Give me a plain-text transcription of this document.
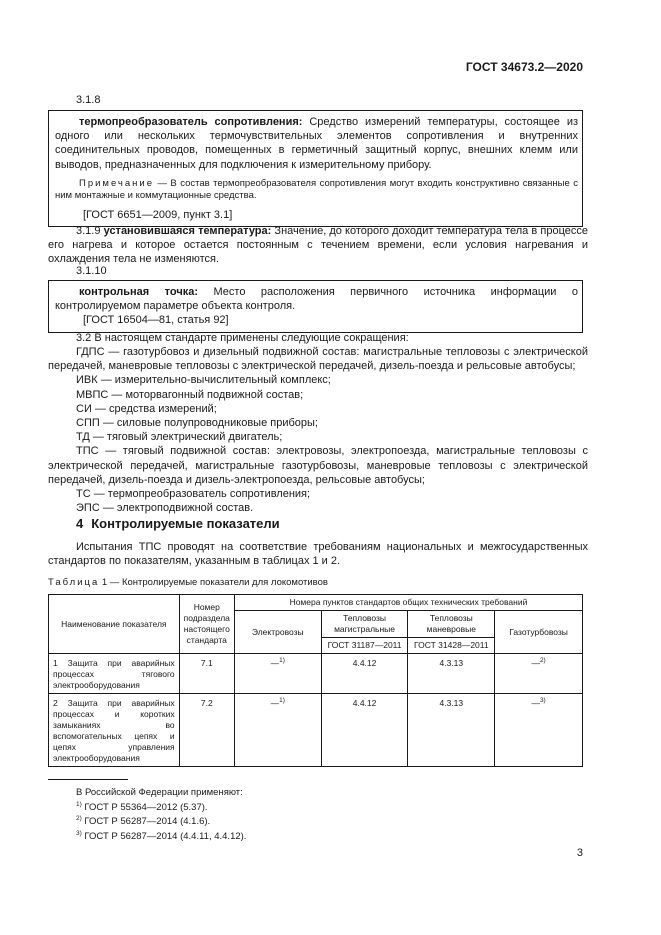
ГОСТ 34673.2—2020
3.1.8

термопреобразователь сопротивления: Средство измерений температуры, состоящее из одного или нескольких термочувствительных элементов сопротивления и внутренних соединительных проводов, помещенных в герметичный защитный корпус, внешних клемм или выводов, предназначенных для подключения к измерительному прибору.

Примечание — В состав термопреобразователя сопротивления могут входить конструктивно связанные с ним монтажные и коммутационные средства.

[ГОСТ 6651—2009, пункт 3.1]

3.1.9 установившаяся температура: Значение, до которого доходит температура тела в процессе его нагрева и которое остается постоянным с течением времени, если условия нагревания и охлаждения тела не изменяются.

3.1.10

контрольная точка: Место расположения первичного источника информации о контролируемом параметре объекта контроля.

[ГОСТ 16504—81, статья 92]

3.2 В настоящем стандарте применены следующие сокращения:

ГДПС — газотурбовоз и дизельный подвижной состав: магистральные тепловозы с электрической передачей, маневровые тепловозы с электрической передачей, дизель-поезда и рельсовые автобусы;
ИВК — измерительно-вычислительный комплекс;
МВПС — моторвагонный подвижной состав;
СИ — средства измерений;
СПП — силовые полупроводниковые приборы;
ТД — тяговый электрический двигатель;
ТПС — тяговый подвижной состав: электровозы, электропоезда, магистральные тепловозы с электрической передачей, магистральные газотурбовозы, маневровые тепловозы с электрической передачей, дизель-поезда и дизель-электропоезда, рельсовые автобусы;
ТС — термопреобразователь сопротивления;
ЭПС — электроподвижной состав.
4 Контролируемые показатели

Испытания ТПС проводят на соответствие требованиям национальных и межгосударственных стандартов по показателям, указанным в таблицах 1 и 2.

Таблица 1 — Контролируемые показатели для локомотивов
Наименование показателя	Номер подраздела настоящего стандарта	Номера пунктов стандартов общих технических требований			
		Электровозы	Тепловозы магистральные	Тепловозы маневровые	Газотурбовозы
			ГОСТ 31187—2011	ГОСТ 31428—2011	
1 Защита при аварийных процессах тягового электрооборудования	7.1	—$^{1)}$	4.4.12	4.3.13	—$^{2)}$
2 Защита при аварийных процессах и коротких замыканиях во вспомогательных цепях и цепях управления электрооборудования	7.2	—$^{1)}$	4.4.12	4.3.13	—$^{3)}$
В Российской Федерации применяют:
$^{1)}$ ГОСТ Р 55364—2012 (5.37).
$^{2)}$ ГОСТ Р 56287—2014 (4.1.6).
$^{3)}$ ГОСТ Р 56287—2014 (4.4.11, 4.4.12).
3
